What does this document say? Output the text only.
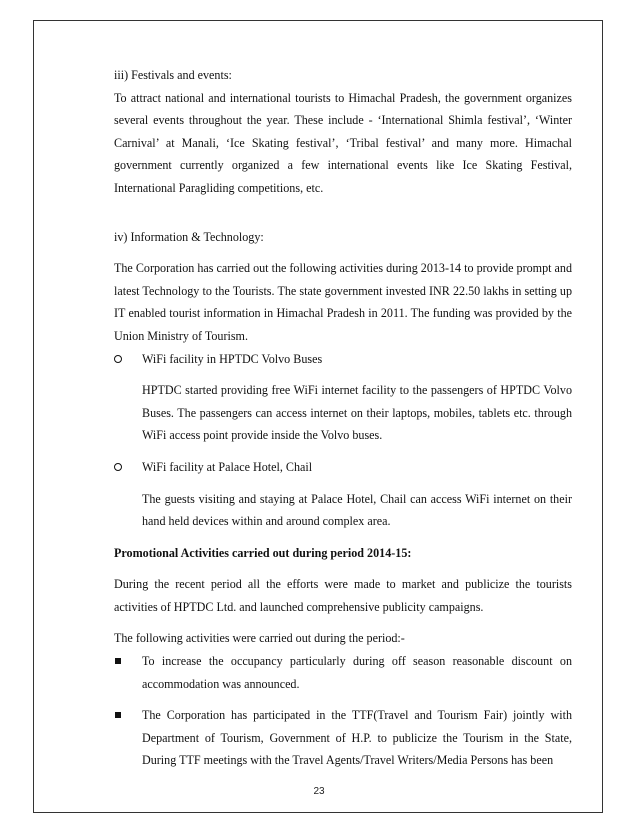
iii) Festivals and events:

To attract national and international tourists to Himachal Pradesh, the government organizes several events throughout the year. These include - ‘International Shimla festival’, ‘Winter Carnival’ at Manali, ‘Ice Skating festival’, ‘Tribal festival’ and many more. Himachal government currently organized a few international events like Ice Skating Festival, International Paragliding competitions, etc.

iv) Information & Technology:

The Corporation has carried out the following activities during 2013-14 to provide prompt and latest Technology to the Tourists. The state government invested INR 22.50 lakhs in setting up IT enabled tourist information in Himachal Pradesh in 2011. The funding was provided by the Union Ministry of Tourism.

WiFi facility in HPTDC Volvo Buses
HPTDC started providing free WiFi internet facility to the passengers of HPTDC Volvo Buses. The passengers can access internet on their laptops, mobiles, tablets etc. through WiFi access point provide inside the Volvo buses.
WiFi facility at Palace Hotel, Chail
The guests visiting and staying at Palace Hotel, Chail can access WiFi internet on their hand held devices within and around complex area.

Promotional Activities carried out during period 2014-15:

During the recent period all the efforts were made to market and publicize the tourists activities of HPTDC Ltd. and launched comprehensive publicity campaigns.

The following activities were carried out during the period:-

To increase the occupancy particularly during off season reasonable discount on accommodation was announced.
The Corporation has participated in the TTF(Travel and Tourism Fair) jointly with Department of Tourism, Government of H.P. to publicize the Tourism in the State, During TTF meetings with the Travel Agents/Travel Writers/Media Persons has been
23
